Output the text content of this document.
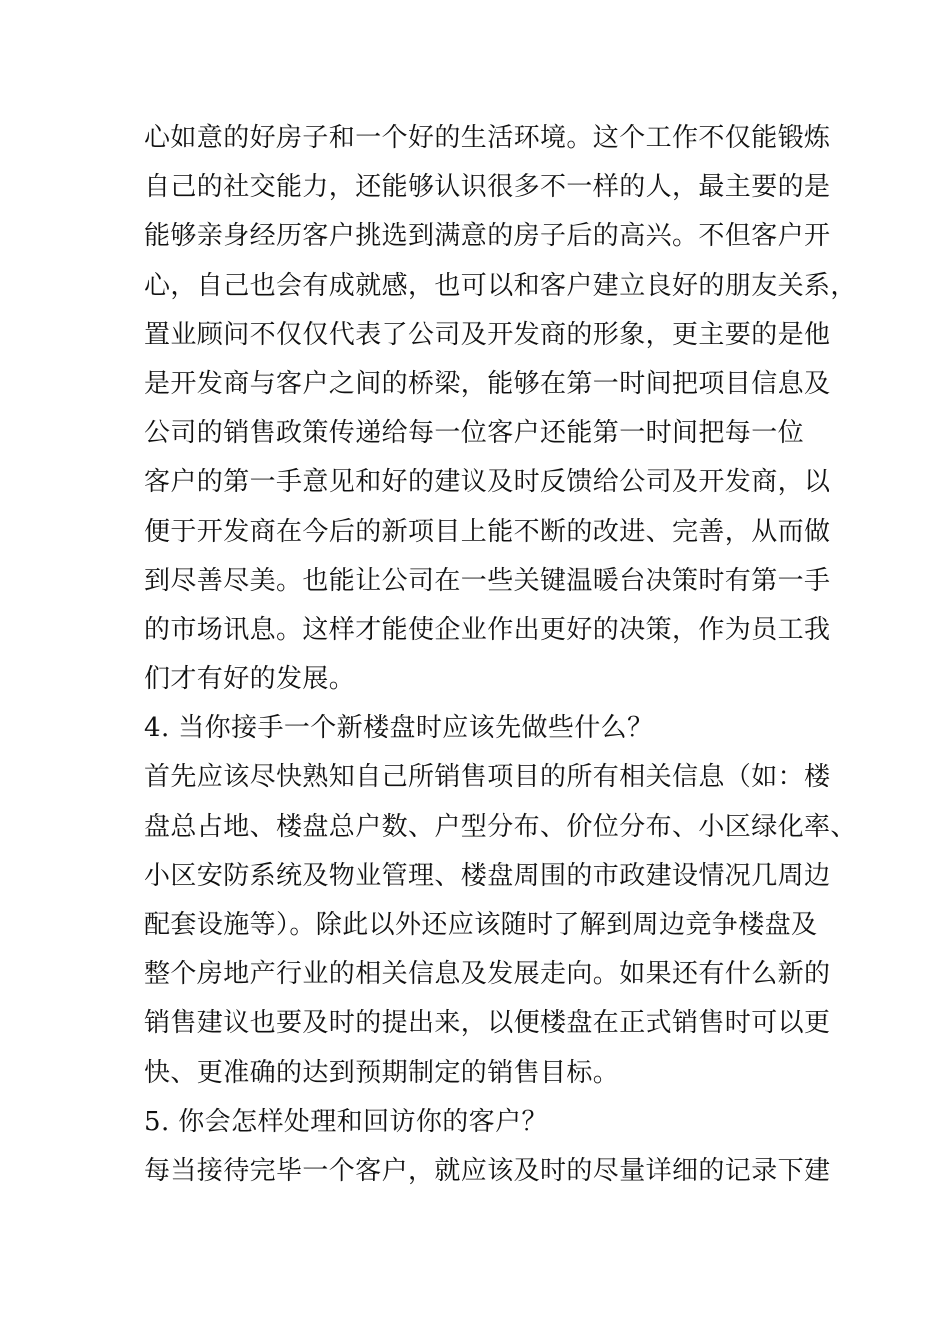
心如意的好房子和一个好的生活环境。这个工作不仅能锻炼
自己的社交能力，还能够认识很多不一样的人，最主要的是
能够亲身经历客户挑选到满意的房子后的高兴。不但客户开
心，自己也会有成就感，也可以和客户建立良好的朋友关系，
置业顾问不仅仅代表了公司及开发商的形象，更主要的是他
是开发商与客户之间的桥梁，能够在第一时间把项目信息及
公司的销售政策传递给每一位客户还能第一时间把每一位
客户的第一手意见和好的建议及时反馈给公司及开发商，以
便于开发商在今后的新项目上能不断的改进、完善，从而做
到尽善尽美。也能让公司在一些关键温暖台决策时有第一手
的市场讯息。这样才能使企业作出更好的决策，作为员工我
们才有好的发展。
4. 当你接手一个新楼盘时应该先做些什么？
首先应该尽快熟知自己所销售项目的所有相关信息（如：楼
盘总占地、楼盘总户数、户型分布、价位分布、小区绿化率、
小区安防系统及物业管理、楼盘周围的市政建设情况几周边
配套设施等）。除此以外还应该随时了解到周边竞争楼盘及
整个房地产行业的相关信息及发展走向。如果还有什么新的
销售建议也要及时的提出来，以便楼盘在正式销售时可以更
快、更准确的达到预期制定的销售目标。
5. 你会怎样处理和回访你的客户？
每当接待完毕一个客户，就应该及时的尽量详细的记录下建
